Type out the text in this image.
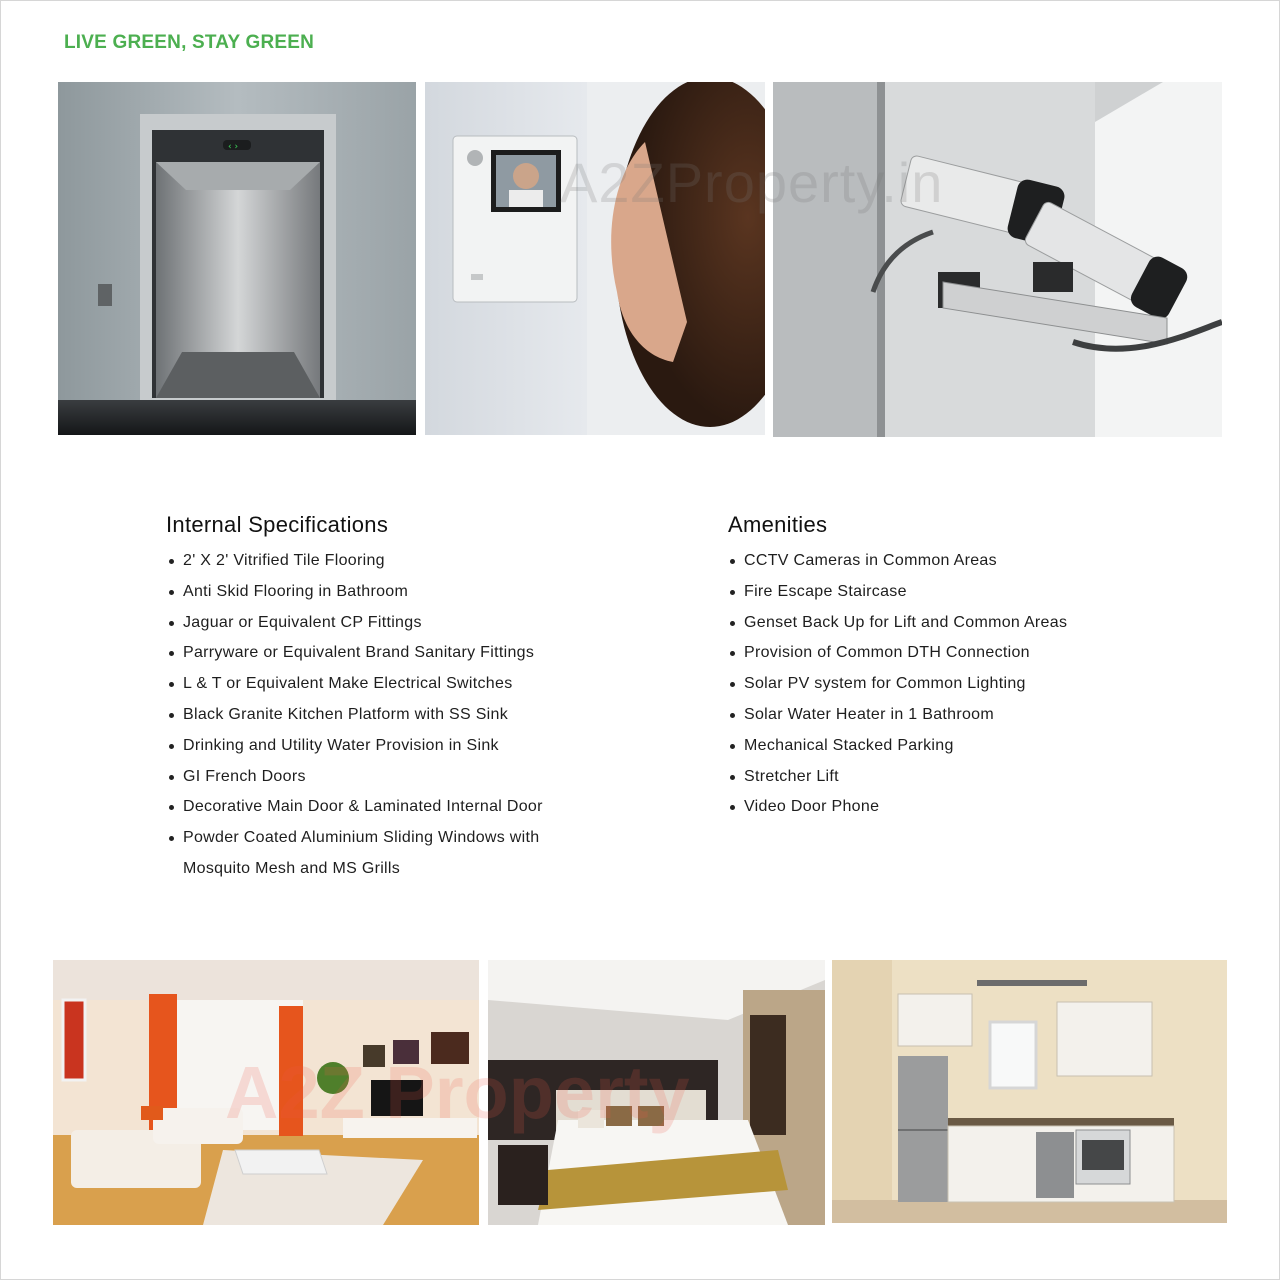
LIVE GREEN, STAY GREEN
‹ ›
A2ZProperty.in
Internal Specifications
2' X 2' Vitrified Tile Flooring
Anti Skid Flooring in Bathroom
Jaguar or Equivalent CP Fittings
Parryware or Equivalent Brand Sanitary Fittings
L & T or Equivalent Make Electrical Switches
Black Granite Kitchen Platform with SS Sink
Drinking and Utility Water Provision in Sink
GI French Doors
Decorative Main Door & Laminated Internal Door
Powder Coated Aluminium Sliding Windows with Mosquito Mesh and MS Grills
Amenities
CCTV Cameras in Common Areas
Fire Escape Staircase
Genset Back Up for Lift and Common Areas
Provision of Common DTH Connection
Solar PV system for Common Lighting
Solar Water Heater in 1 Bathroom
Mechanical Stacked Parking
Stretcher Lift
Video Door Phone
A2Z Property
